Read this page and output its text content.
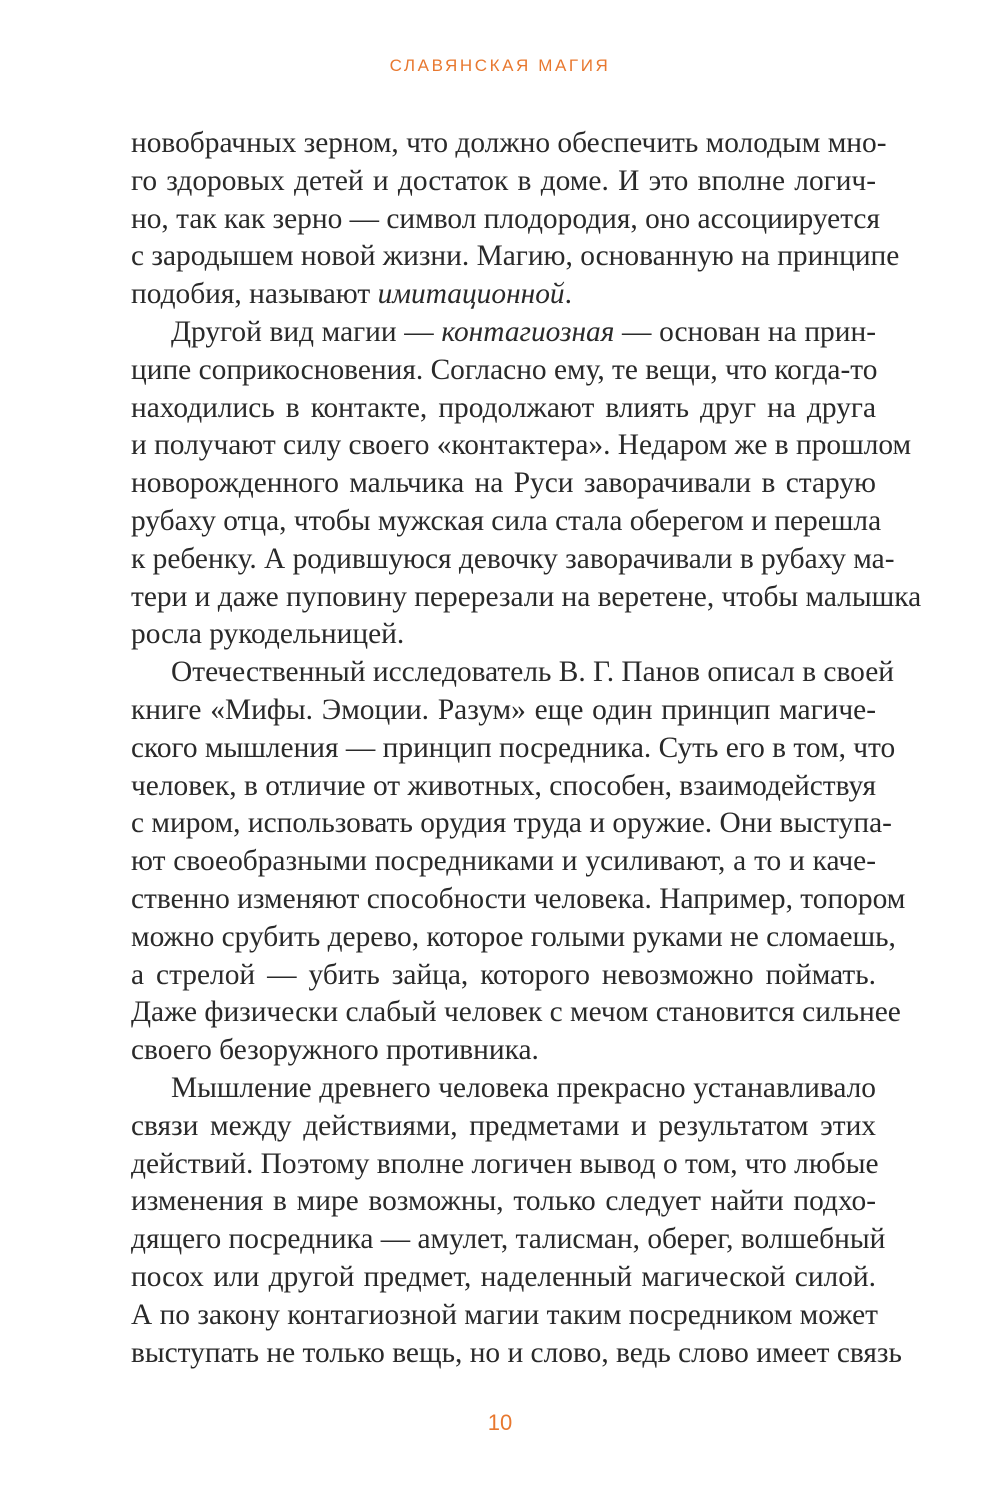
СЛАВЯНСКАЯ МАГИЯ
новобрачных зерном, что должно обеспечить молодым мно-
го здоровых детей и достаток в доме. И это вполне логич-
но, так как зерно — символ плодородия, оно ассоциируется
с зародышем новой жизни. Магию, основанную на принципе
подобия, называют имитационной.
Другой вид магии — контагиозная — основан на прин-
ципе соприкосновения. Согласно ему, те вещи, что когда-то
находились в контакте, продолжают влиять друг на друга
и получают силу своего «контактера». Недаром же в прошлом
новорожденного мальчика на Руси заворачивали в старую
рубаху отца, чтобы мужская сила стала оберегом и перешла
к ребенку. А родившуюся девочку заворачивали в рубаху ма-
тери и даже пуповину перерезали на веретене, чтобы малышка
росла рукодельницей.
Отечественный исследователь В. Г. Панов описал в своей
книге «Мифы. Эмоции. Разум» еще один принцип магиче-
ского мышления — принцип посредника. Суть его в том, что
человек, в отличие от животных, способен, взаимодействуя
с миром, использовать орудия труда и оружие. Они выступа-
ют своеобразными посредниками и усиливают, а то и каче-
ственно изменяют способности человека. Например, топором
можно срубить дерево, которое голыми руками не сломаешь,
а стрелой — убить зайца, которого невозможно поймать.
Даже физически слабый человек с мечом становится сильнее
своего безоружного противника.
Мышление древнего человека прекрасно устанавливало
связи между действиями, предметами и результатом этих
действий. Поэтому вполне логичен вывод о том, что любые
изменения в мире возможны, только следует найти подхо-
дящего посредника — амулет, талисман, оберег, волшебный
посох или другой предмет, наделенный магической силой.
А по закону контагиозной магии таким посредником может
выступать не только вещь, но и слово, ведь слово имеет связь
10
